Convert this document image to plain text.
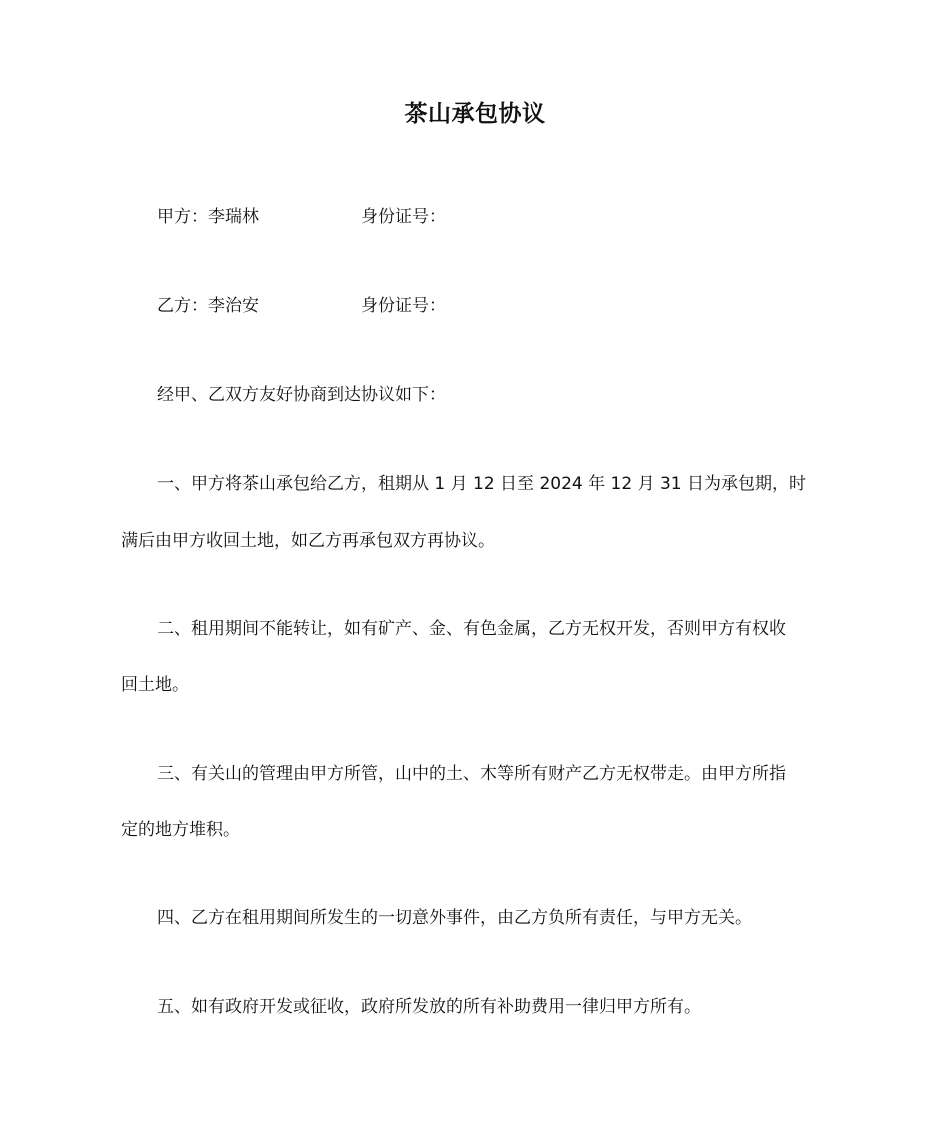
茶山承包协议
甲方：李瑞林	身份证号：
乙方：李治安	身份证号：
经甲、乙双方友好协商到达协议如下：
一、甲方将茶山承包给乙方，租期从 1 月 12 日至 2024 年 12 月 31 日为承包期，时
满后由甲方收回土地，如乙方再承包双方再协议。
二、租用期间不能转让，如有矿产、金、有色金属，乙方无权开发，否则甲方有权收
回土地。
三、有关山的管理由甲方所管，山中的土、木等所有财产乙方无权带走。由甲方所指
定的地方堆积。
四、乙方在租用期间所发生的一切意外事件，由乙方负所有责任，与甲方无关。
五、如有政府开发或征收，政府所发放的所有补助费用一律归甲方所有。
